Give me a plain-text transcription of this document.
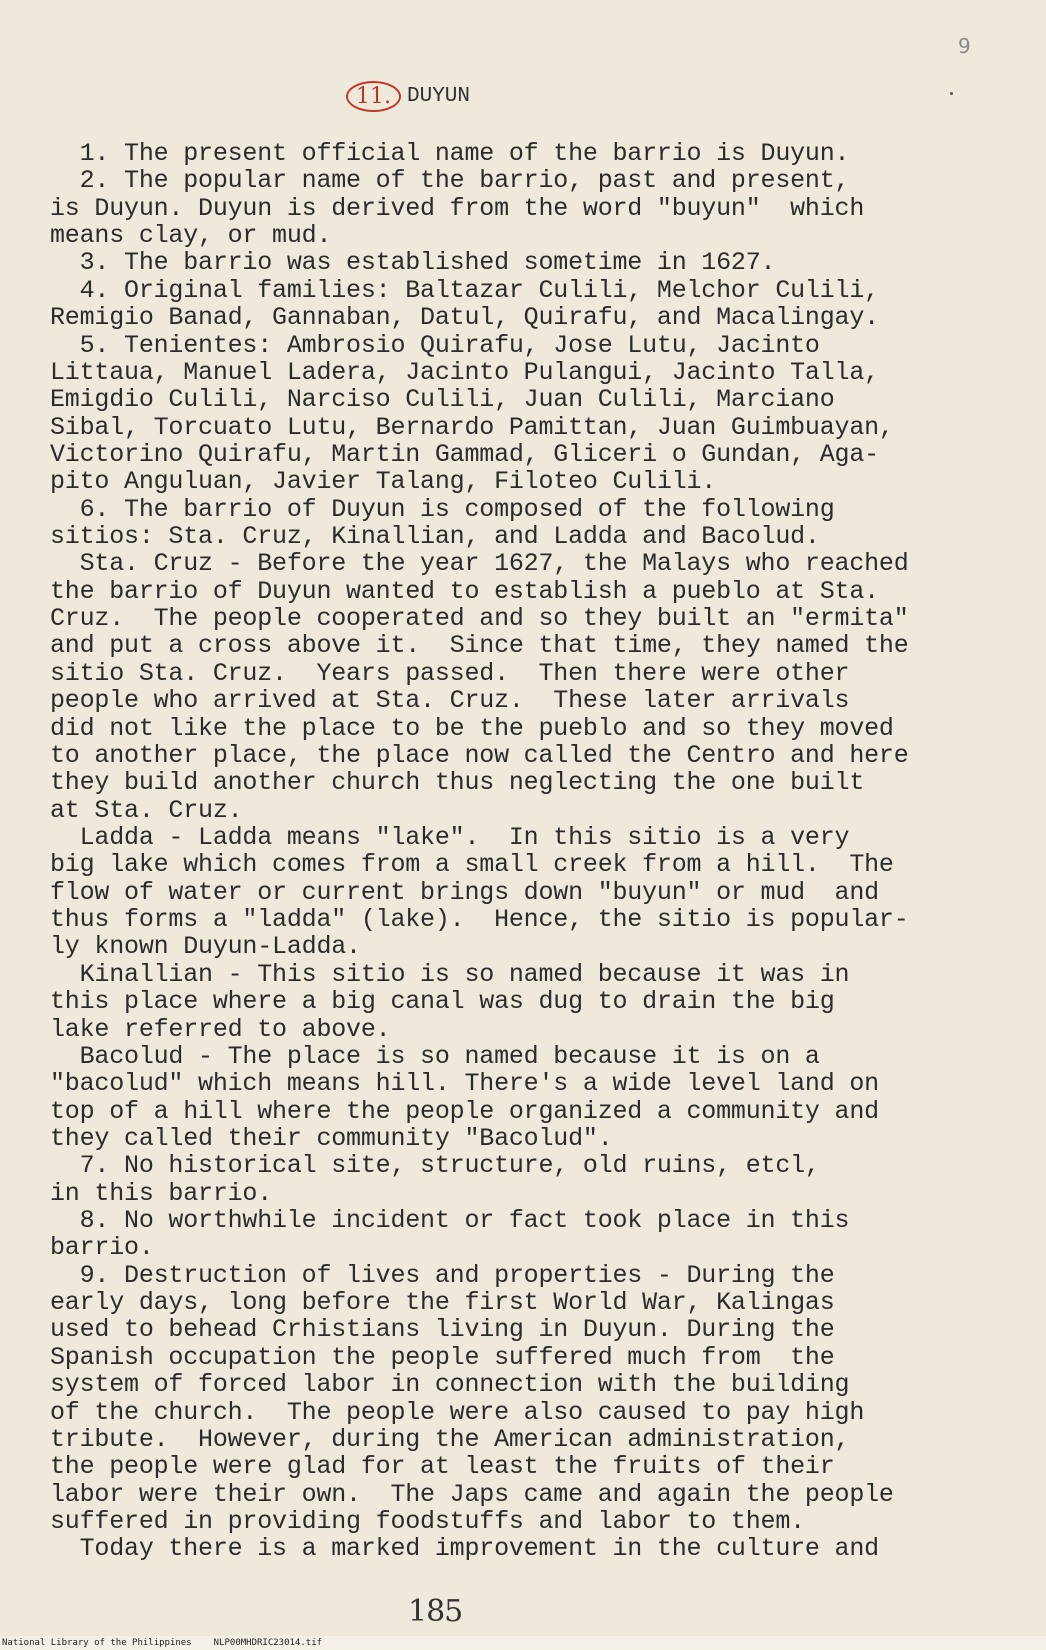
9
11. DUYUN
1. The present official name of the barrio is Duyun.
2. The popular name of the barrio, past and present,
is Duyun. Duyun is derived from the word "buyun"  which
means clay, or mud.
3. The barrio was established sometime in 1627.
4. Original families: Baltazar Culili, Melchor Culili,
Remigio Banad, Gannaban, Datul, Quirafu, and Macalingay.
5. Tenientes: Ambrosio Quirafu, Jose Lutu, Jacinto
Littaua, Manuel Ladera, Jacinto Pulangui, Jacinto Talla,
Emigdio Culili, Narciso Culili, Juan Culili, Marciano
Sibal, Torcuato Lutu, Bernardo Pamittan, Juan Guimbuayan,
Victorino Quirafu, Martin Gammad, Gliceri o Gundan, Aga-
pito Anguluan, Javier Talang, Filoteo Culili.
6. The barrio of Duyun is composed of the following
sitios: Sta. Cruz, Kinallian, and Ladda and Bacolud.
Sta. Cruz - Before the year 1627, the Malays who reached
the barrio of Duyun wanted to establish a pueblo at Sta.
Cruz.  The people cooperated and so they built an "ermita"
and put a cross above it.  Since that time, they named the
sitio Sta. Cruz.  Years passed.  Then there were other
people who arrived at Sta. Cruz.  These later arrivals
did not like the place to be the pueblo and so they moved
to another place, the place now called the Centro and here
they build another church thus neglecting the one built
at Sta. Cruz.
Ladda - Ladda means "lake".  In this sitio is a very
big lake which comes from a small creek from a hill.  The
flow of water or current brings down "buyun" or mud  and
thus forms a "ladda" (lake).  Hence, the sitio is popular-
ly known Duyun-Ladda.
Kinallian - This sitio is so named because it was in
this place where a big canal was dug to drain the big
lake referred to above.
Bacolud - The place is so named because it is on a
"bacolud" which means hill. There's a wide level land on
top of a hill where the people organized a community and
they called their community "Bacolud".
7. No historical site, structure, old ruins, etcl,
in this barrio.
8. No worthwhile incident or fact took place in this
barrio.
9. Destruction of lives and properties - During the
early days, long before the first World War, Kalingas
used to behead Crhistians living in Duyun. During the
Spanish occupation the people suffered much from  the
system of forced labor in connection with the building
of the church.  The people were also caused to pay high
tribute.  However, during the American administration,
the people were glad for at least the fruits of their
labor were their own.  The Japs came and again the people
suffered in providing foodstuffs and labor to them.
Today there is a marked improvement in the culture and
185
National Library of the Philippines NLP00MHDRIC23014.tif
